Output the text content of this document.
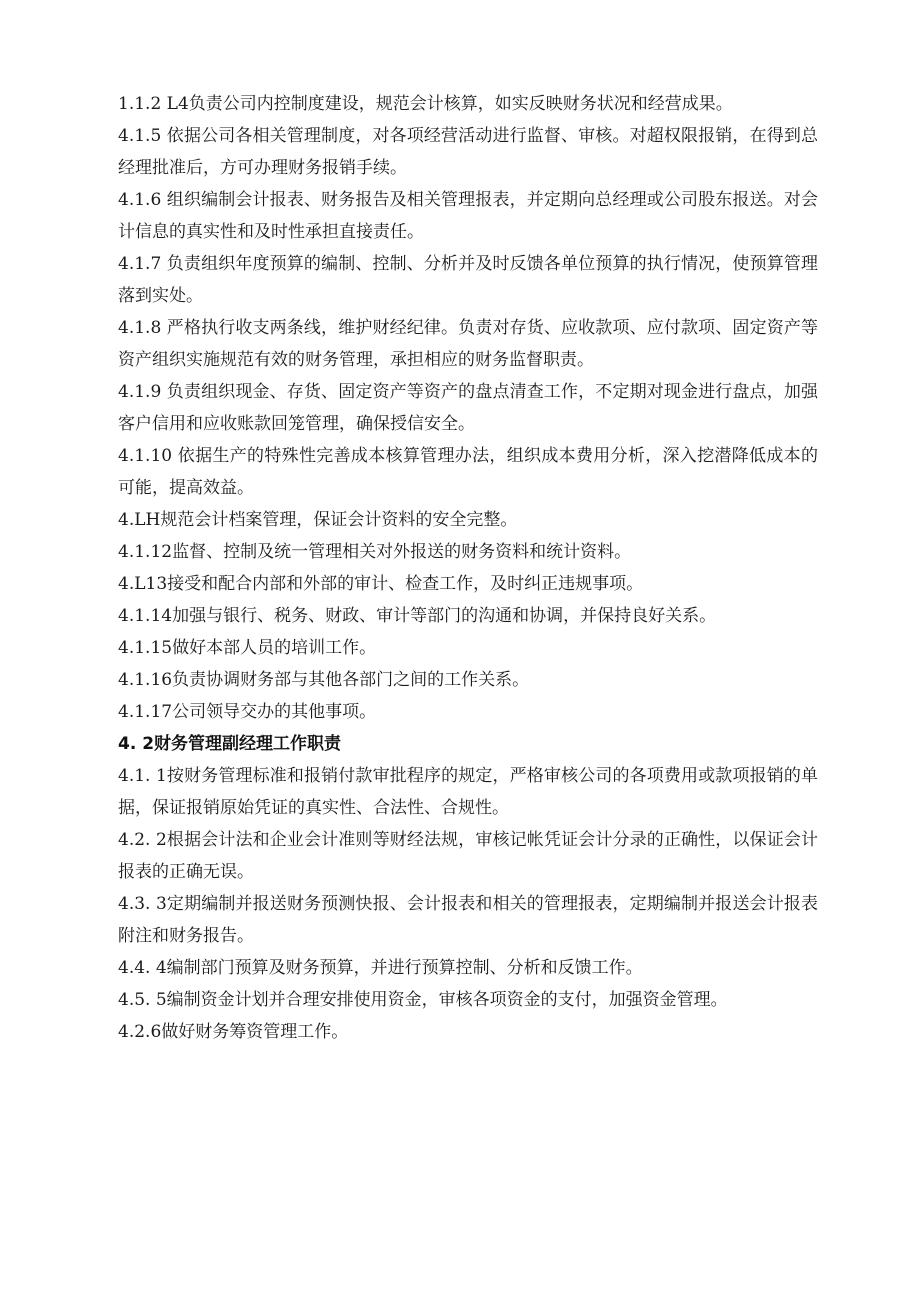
1.1.2 L4负责公司内控制度建设，规范会计核算，如实反映财务状况和经营成果。

4.1.5 依据公司各相关管理制度，对各项经营活动进行监督、审核。对超权限报销，在得到总经理批准后，方可办理财务报销手续。

4.1.6 组织编制会计报表、财务报告及相关管理报表，并定期向总经理或公司股东报送。对会计信息的真实性和及时性承担直接责任。

4.1.7 负责组织年度预算的编制、控制、分析并及时反馈各单位预算的执行情况，使预算管理落到实处。

4.1.8 严格执行收支两条线，维护财经纪律。负责对存货、应收款项、应付款项、固定资产等资产组织实施规范有效的财务管理，承担相应的财务监督职责。

4.1.9 负责组织现金、存货、固定资产等资产的盘点清查工作，不定期对现金进行盘点，加强客户信用和应收账款回笼管理，确保授信安全。

4.1.10 依据生产的特殊性完善成本核算管理办法，组织成本费用分析，深入挖潜降低成本的可能，提高效益。

4.LH规范会计档案管理，保证会计资料的安全完整。

4.1.12监督、控制及统一管理相关对外报送的财务资料和统计资料。

4.L13接受和配合内部和外部的审计、检查工作，及时纠正违规事项。

4.1.14加强与银行、税务、财政、审计等部门的沟通和协调，并保持良好关系。

4.1.15做好本部人员的培训工作。

4.1.16负责协调财务部与其他各部门之间的工作关系。

4.1.17公司领导交办的其他事项。

4. 2财务管理副经理工作职责

4.1. 1按财务管理标准和报销付款审批程序的规定，严格审核公司的各项费用或款项报销的单据，保证报销原始凭证的真实性、合法性、合规性。

4.2. 2根据会计法和企业会计准则等财经法规，审核记帐凭证会计分录的正确性，以保证会计报表的正确无误。

4.3. 3定期编制并报送财务预测快报、会计报表和相关的管理报表，定期编制并报送会计报表附注和财务报告。

4.4. 4编制部门预算及财务预算，并进行预算控制、分析和反馈工作。

4.5. 5编制资金计划并合理安排使用资金，审核各项资金的支付，加强资金管理。

4.2.6做好财务筹资管理工作。
